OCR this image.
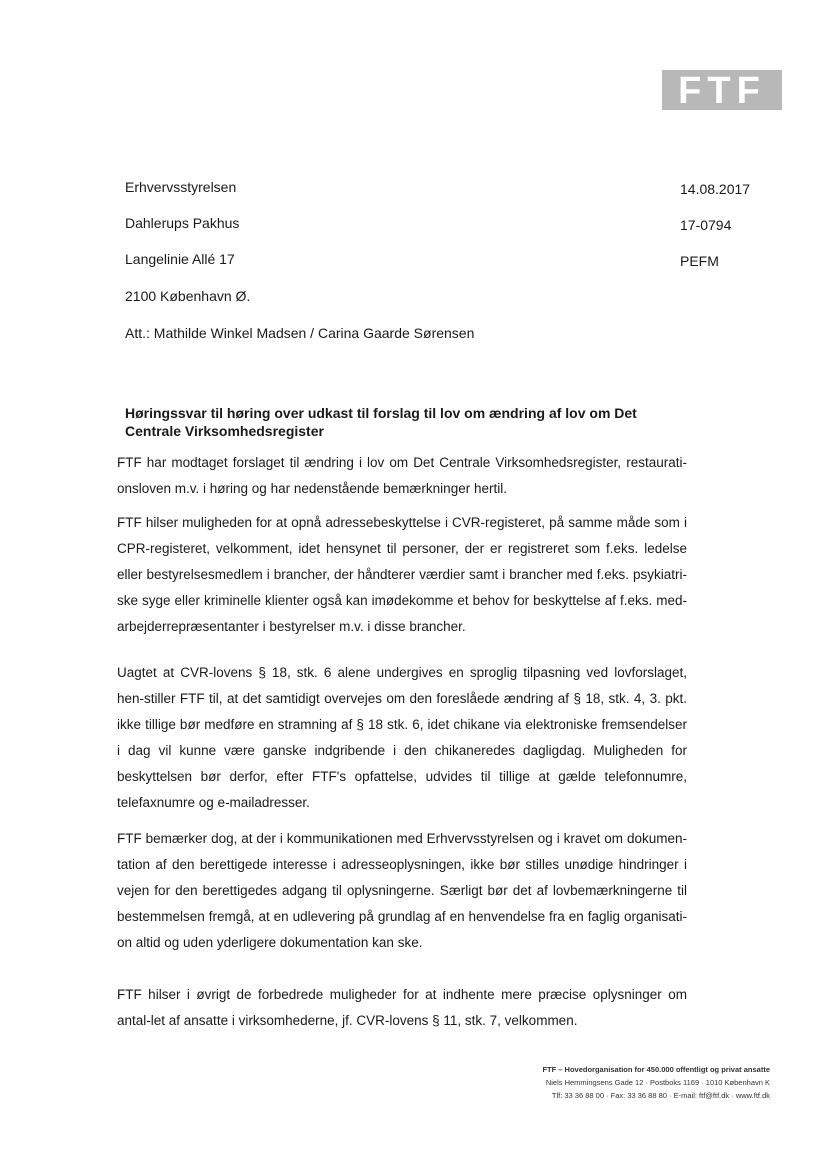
FTF
Erhvervsstyrelsen
Dahlerups Pakhus
Langelinie Allé 17
2100 København Ø.
14.08.2017
17-0794
PEFM
Att.: Mathilde Winkel Madsen / Carina Gaarde Sørensen
Høringssvar til høring over udkast til forslag til lov om ændring af lov om Det Centrale Virksomhedsregister

FTF har modtaget forslaget til ændring i lov om Det Centrale Virksomhedsregister, restaurati-onsloven m.v. i høring og har nedenstående bemærkninger hertil.

FTF hilser muligheden for at opnå adressebeskyttelse i CVR-registeret, på samme måde som i CPR-registeret, velkomment, idet hensynet til personer, der er registreret som f.eks. ledelse eller bestyrelsesmedlem i brancher, der håndterer værdier samt i brancher med f.eks. psykiatri-ske syge eller kriminelle klienter også kan imødekomme et behov for beskyttelse af f.eks. med-arbejderrepræsentanter i bestyrelser m.v. i disse brancher.

Uagtet at CVR-lovens § 18, stk. 6 alene undergives en sproglig tilpasning ved lovforslaget, hen-stiller FTF til, at det samtidigt overvejes om den foreslåede ændring af § 18, stk. 4, 3. pkt. ikke tillige bør medføre en stramning af § 18 stk. 6, idet chikane via elektroniske fremsendelser i dag vil kunne være ganske indgribende i den chikaneredes dagligdag. Muligheden for beskyttelsen bør derfor, efter FTF's opfattelse, udvides til tillige at gælde telefonnumre, telefaxnumre og e-mailadresser.

FTF bemærker dog, at der i kommunikationen med Erhvervsstyrelsen og i kravet om dokumen-tation af den berettigede interesse i adresseoplysningen, ikke bør stilles unødige hindringer i vejen for den berettigedes adgang til oplysningerne. Særligt bør det af lovbemærkningerne til bestemmelsen fremgå, at en udlevering på grundlag af en henvendelse fra en faglig organisati-on altid og uden yderligere dokumentation kan ske.

FTF hilser i øvrigt de forbedrede muligheder for at indhente mere præcise oplysninger om antal-let af ansatte i virksomhederne, jf. CVR-lovens § 11, stk. 7, velkommen.

FTF – Hovedorganisation for 450.000 offentligt og privat ansatte
Niels Hemmingsens Gade 12 · Postboks 1169 · 1010 København K
Tlf: 33 36 88 00 · Fax: 33 36 88 80 · E-mail: ftf@ftf.dk · www.ftf.dk
